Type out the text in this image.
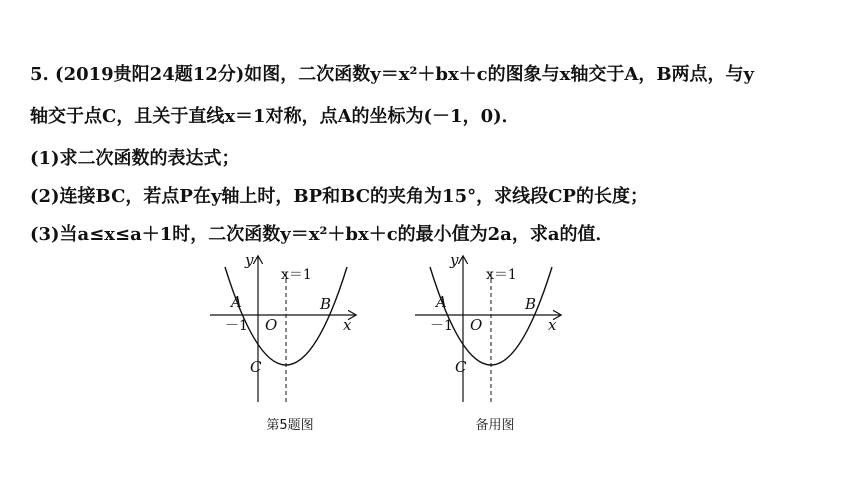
5. (2019贵阳24题12分)如图，二次函数y＝x²＋bx＋c的图象与x轴交于A，B两点，与y
轴交于点C，且关于直线x＝1对称，点A的坐标为(－1，0)．
(1)求二次函数的表达式；
(2)连接BC，若点P在y轴上时，BP和BC的夹角为15°，求线段CP的长度；
(3)当a≤x≤a＋1时，二次函数y＝x²＋bx＋c的最小值为2a，求a的值．
y
x
x＝1
A	B
C
O
－1
第5题图
y
x
x＝1
A	B
C
O
－1
备用图
